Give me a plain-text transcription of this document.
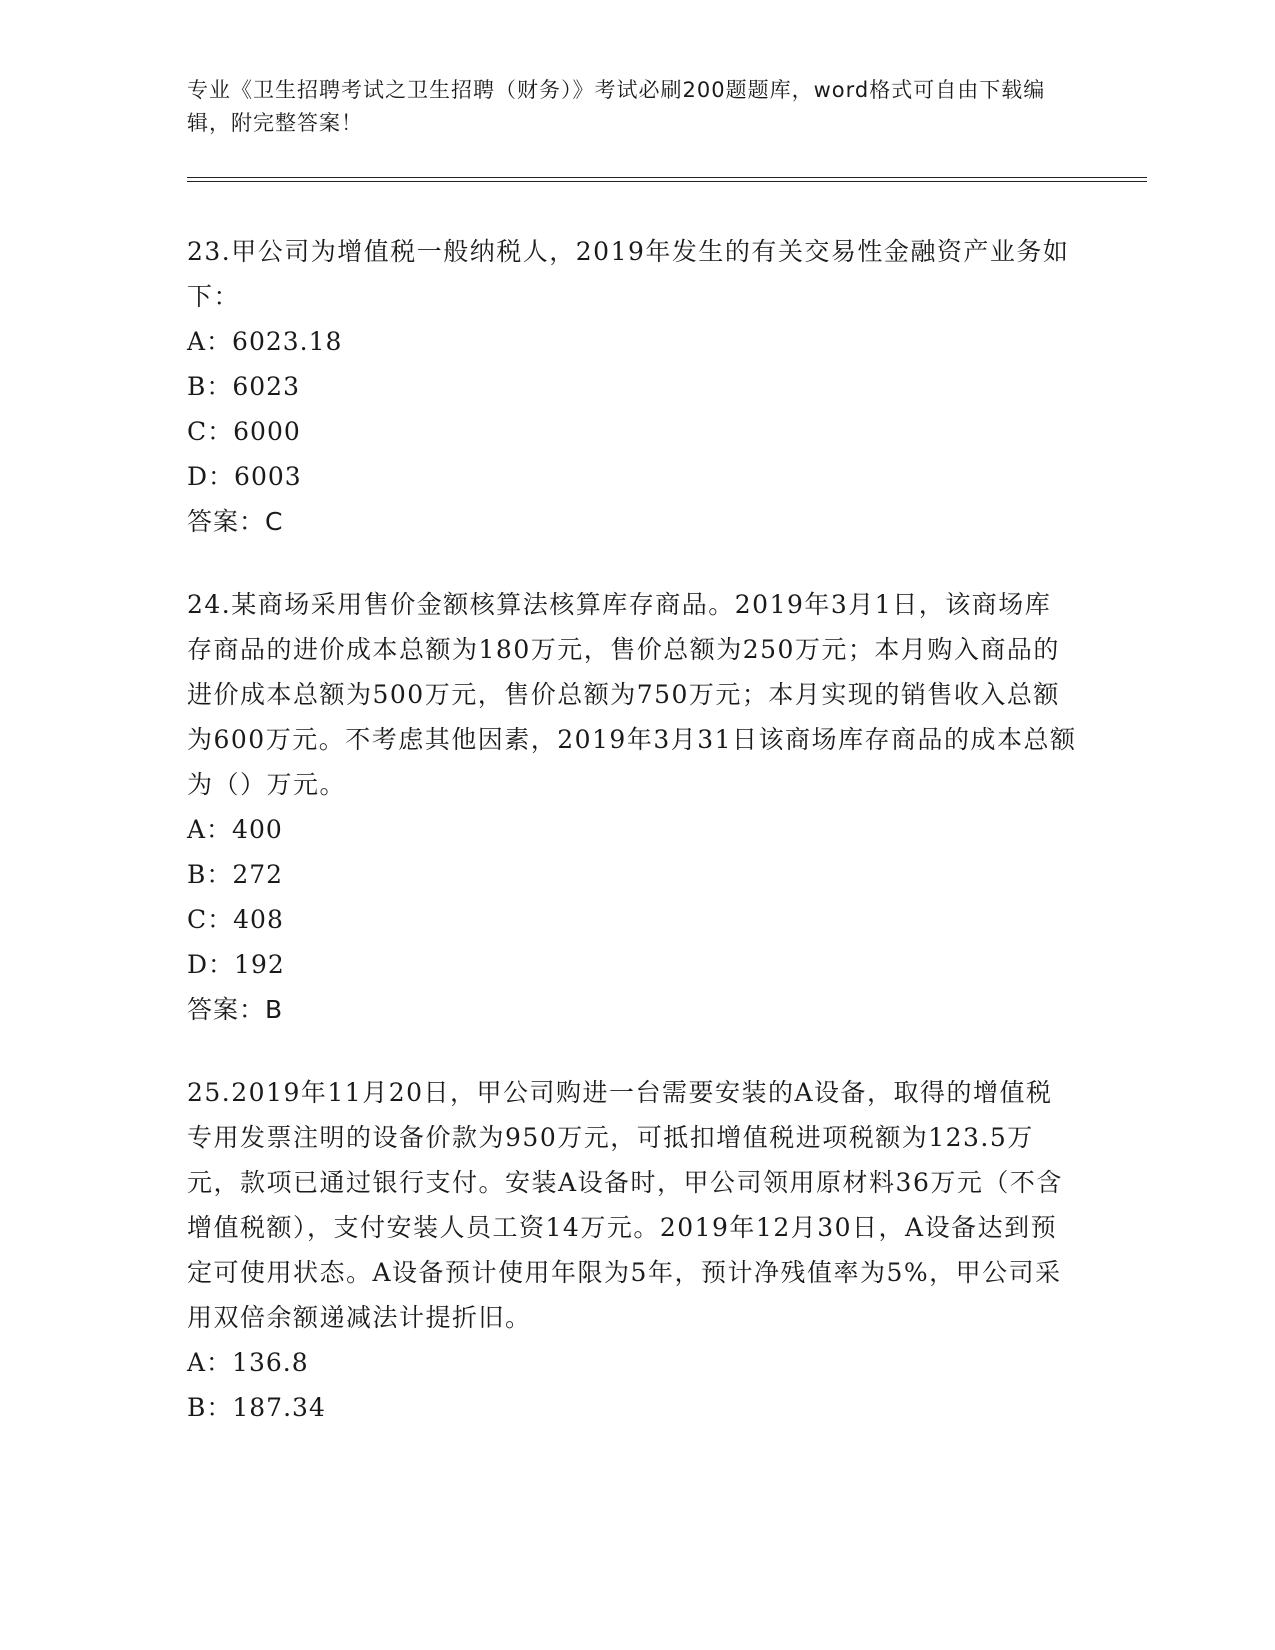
专业《卫生招聘考试之卫生招聘（财务）》考试必刷200题题库，word格式可自由下载编辑，附完整答案！

23.甲公司为增值税一般纳税人，2019年发生的有关交易性金融资产业务如下：

A：6023.18

B：6023

C：6000

D：6003

答案：C

24.某商场采用售价金额核算法核算库存商品。2019年3月1日，该商场库存商品的进价成本总额为180万元，售价总额为250万元；本月购入商品的进价成本总额为500万元，售价总额为750万元；本月实现的销售收入总额为600万元。不考虑其他因素，2019年3月31日该商场库存商品的成本总额为（）万元。

A：400

B：272

C：408

D：192

答案：B

25.2019年11月20日，甲公司购进一台需要安装的A设备，取得的增值税专用发票注明的设备价款为950万元，可抵扣增值税进项税额为123.5万元，款项已通过银行支付。安装A设备时，甲公司领用原材料36万元（不含增值税额），支付安装人员工资14万元。2019年12月30日，A设备达到预定可使用状态。A设备预计使用年限为5年，预计净残值率为5%，甲公司采用双倍余额递减法计提折旧。

A：136.8

B：187.34
